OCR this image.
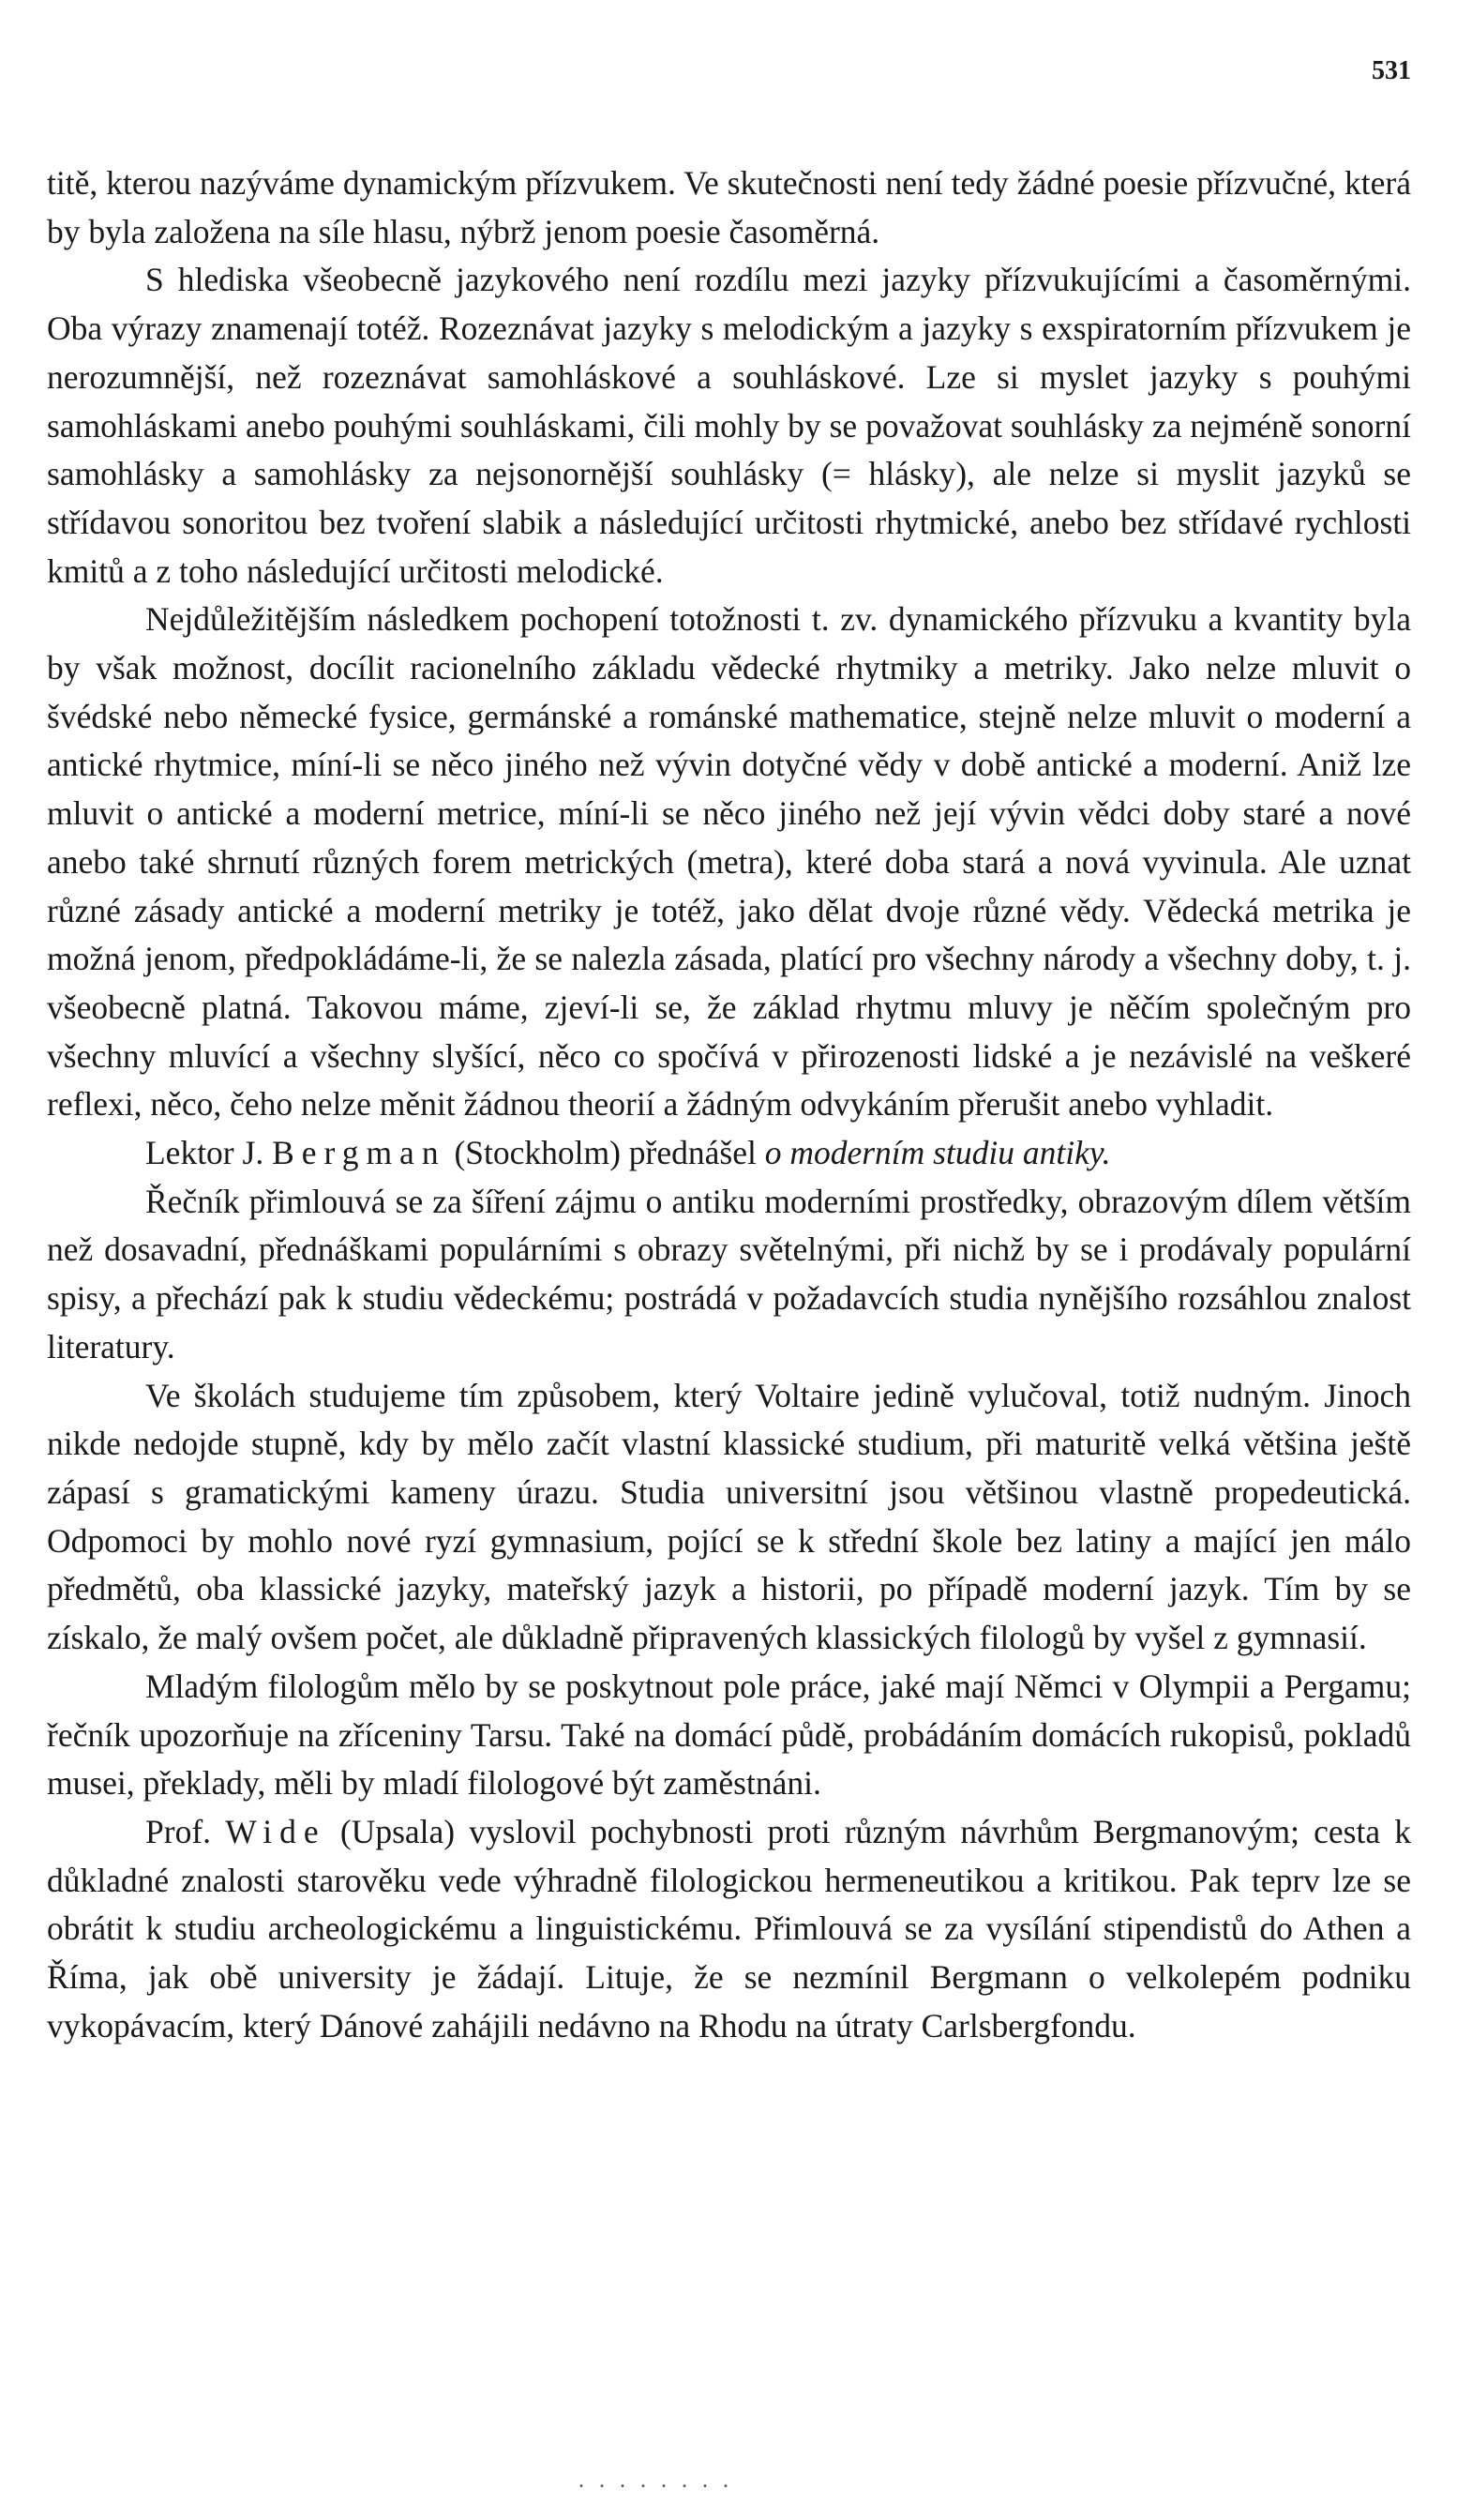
531

titě, kterou nazýváme dynamickým přízvukem. Ve skutečnosti není tedy žádné poesie přízvučné, která by byla založena na síle hlasu, nýbrž jenom poesie časoměrná.

S hlediska všeobecně jazykového není rozdílu mezi jazyky přízvukujícími a časoměrnými. Oba výrazy znamenají totéž. Rozeznávat jazyky s melodickým a jazyky s exspiratorním přízvukem je nerozumnější, než rozeznávat samohláskové a souhláskové. Lze si myslet jazyky s pouhými samohláskami anebo pouhými souhláskami, čili mohly by se považovat souhlásky za nejméně sonorní samohlásky a samohlásky za nejsonornější souhlásky (= hlásky), ale nelze si myslit jazyků se střídavou sonoritou bez tvoření slabik a následující určitosti rhytmické, anebo bez střídavé rychlosti kmitů a z toho následující určitosti melodické.

Nejdůležitějším následkem pochopení totožnosti t. zv. dynamického přízvuku a kvantity byla by však možnost, docílit racionelního základu vědecké rhytmiky a metriky. Jako nelze mluvit o švédské nebo německé fysice, germánské a románské mathematice, stejně nelze mluvit o moderní a antické rhytmice, míní-li se něco jiného než vývin dotyčné vědy v době antické a moderní. Aniž lze mluvit o antické a moderní metrice, míní-li se něco jiného než její vývin vědci doby staré a nové anebo také shrnutí různých forem metrických (metra), které doba stará a nová vyvinula. Ale uznat různé zásady antické a moderní metriky je totéž, jako dělat dvoje různé vědy. Vědecká metrika je možná jenom, předpokládáme-li, že se nalezla zásada, platící pro všechny národy a všechny doby, t. j. všeobecně platná. Takovou máme, zjeví-li se, že základ rhytmu mluvy je něčím společným pro všechny mluvící a všechny slyšící, něco co spočívá v přirozenosti lidské a je nezávislé na veškeré reflexi, něco, čeho nelze měnit žádnou theorií a žádným odvykáním přerušit anebo vyhladit.

Lektor J. Bergman (Stockholm) přednášel o moderním studiu antiky.

Řečník přimlouvá se za šíření zájmu o antiku moderními prostředky, obrazovým dílem větším než dosavadní, přednáškami populárními s obrazy světelnými, při nichž by se i prodávaly populární spisy, a přechází pak k studiu vědeckému; postrádá v požadavcích studia nynějšího rozsáhlou znalost literatury.

Ve školách studujeme tím způsobem, který Voltaire jedině vylučoval, totiž nudným. Jinoch nikde nedojde stupně, kdy by mělo začít vlastní klassické studium, při maturitě velká většina ještě zápasí s gramatickými kameny úrazu. Studia universitní jsou většinou vlastně propedeutická. Odpomoci by mohlo nové ryzí gymnasium, pojící se k střední škole bez latiny a mající jen málo předmětů, oba klassické jazyky, mateřský jazyk a historii, po případě moderní jazyk. Tím by se získalo, že malý ovšem počet, ale důkladně připravených klassických filologů by vyšel z gymnasií.

Mladým filologům mělo by se poskytnout pole práce, jaké mají Němci v Olympii a Pergamu; řečník upozorňuje na zříceniny Tarsu. Také na domácí půdě, probádáním domácích rukopisů, pokladů musei, překlady, měli by mladí filologové být zaměstnáni.

Prof. Wide (Upsala) vyslovil pochybnosti proti různým návrhům Bergmanovým; cesta k důkladné znalosti starověku vede výhradně filologickou hermeneutikou a kritikou. Pak teprv lze se obrátit k studiu archeologickému a linguistickému. Přimlouvá se za vysílání stipendistů do Athen a Říma, jak obě university je žádají. Lituje, že se nezmínil Bergmann o velkolepém podniku vykopávacím, který Dánové zahájili nedávno na Rhodu na útraty Carlsbergfondu.

........
